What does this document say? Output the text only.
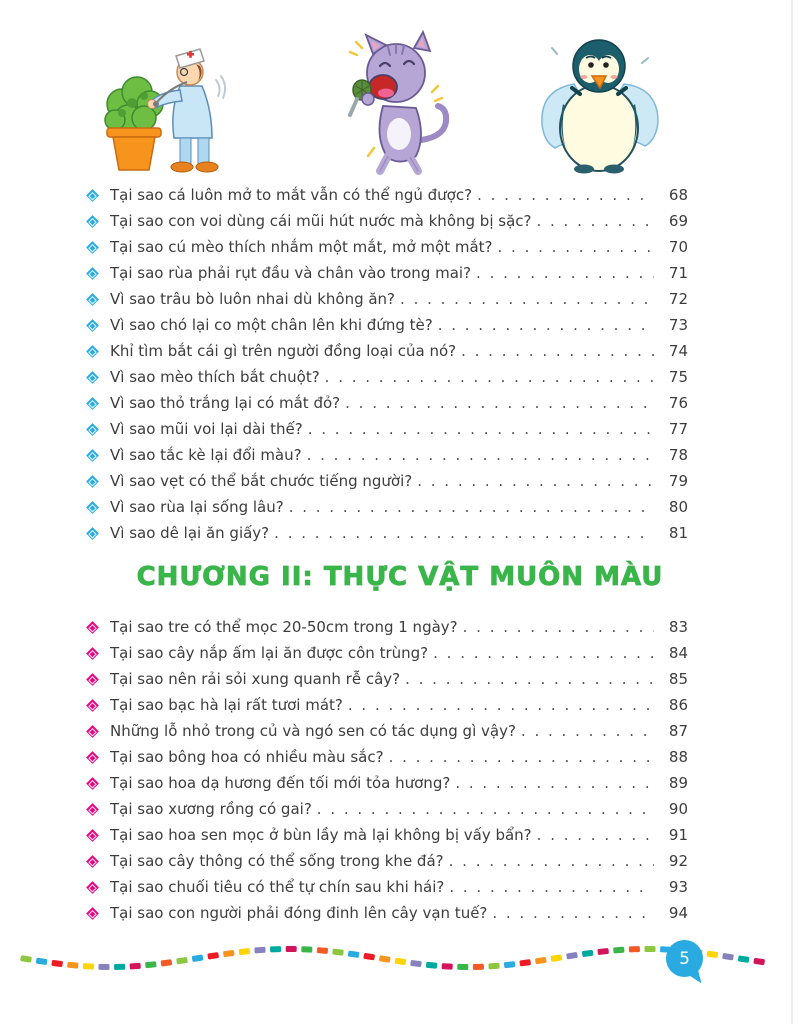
Tại sao cá luôn mở to mắt vẫn có thể ngủ được? . . .	68
Tại sao con voi dùng cái mũi hút nước mà không bị sặc? . . .	69
Tại sao cú mèo thích nhắm một mắt, mở một mắt? . . .	70
Tại sao rùa phải rụt đầu và chân vào trong mai? . . .	71
Vì sao trâu bò luôn nhai dù không ăn? . . .	72
Vì sao chó lại co một chân lên khi đứng tè? . . .	73
Khỉ tìm bắt cái gì trên người đồng loại của nó? . . .	74
Vì sao mèo thích bắt chuột? . . .	75
Vì sao thỏ trắng lại có mắt đỏ? . . .	76
Vì sao mũi voi lại dài thế? . . .	77
Vì sao tắc kè lại đổi màu? . . .	78
Vì sao vẹt có thể bắt chước tiếng người? . . .	79
Vì sao rùa lại sống lâu? . . .	80
Vì sao dê lại ăn giấy? . . .	81
CHƯƠNG II: THỰC VẬT MUÔN MÀU
Tại sao tre có thể mọc 20-50cm trong 1 ngày? . . .	83
Tại sao cây nắp ấm lại ăn được côn trùng? . . .	84
Tại sao nên rải sỏi xung quanh rễ cây? . . .	85
Tại sao bạc hà lại rất tươi mát? . . .	86
Những lỗ nhỏ trong củ và ngó sen có tác dụng gì vậy? . . .	87
Tại sao bông hoa có nhiều màu sắc? . . .	88
Tại sao hoa dạ hương đến tối mới tỏa hương? . . .	89
Tại sao xương rồng có gai? . . .	90
Tại sao hoa sen mọc ở bùn lầy mà lại không bị vấy bẩn? . . .	91
Tại sao cây thông có thể sống trong khe đá? . . .	92
Tại sao chuối tiêu có thể tự chín sau khi hái? . . .	93
Tại sao con người phải đóng đinh lên cây vạn tuế? . . .	94
5
